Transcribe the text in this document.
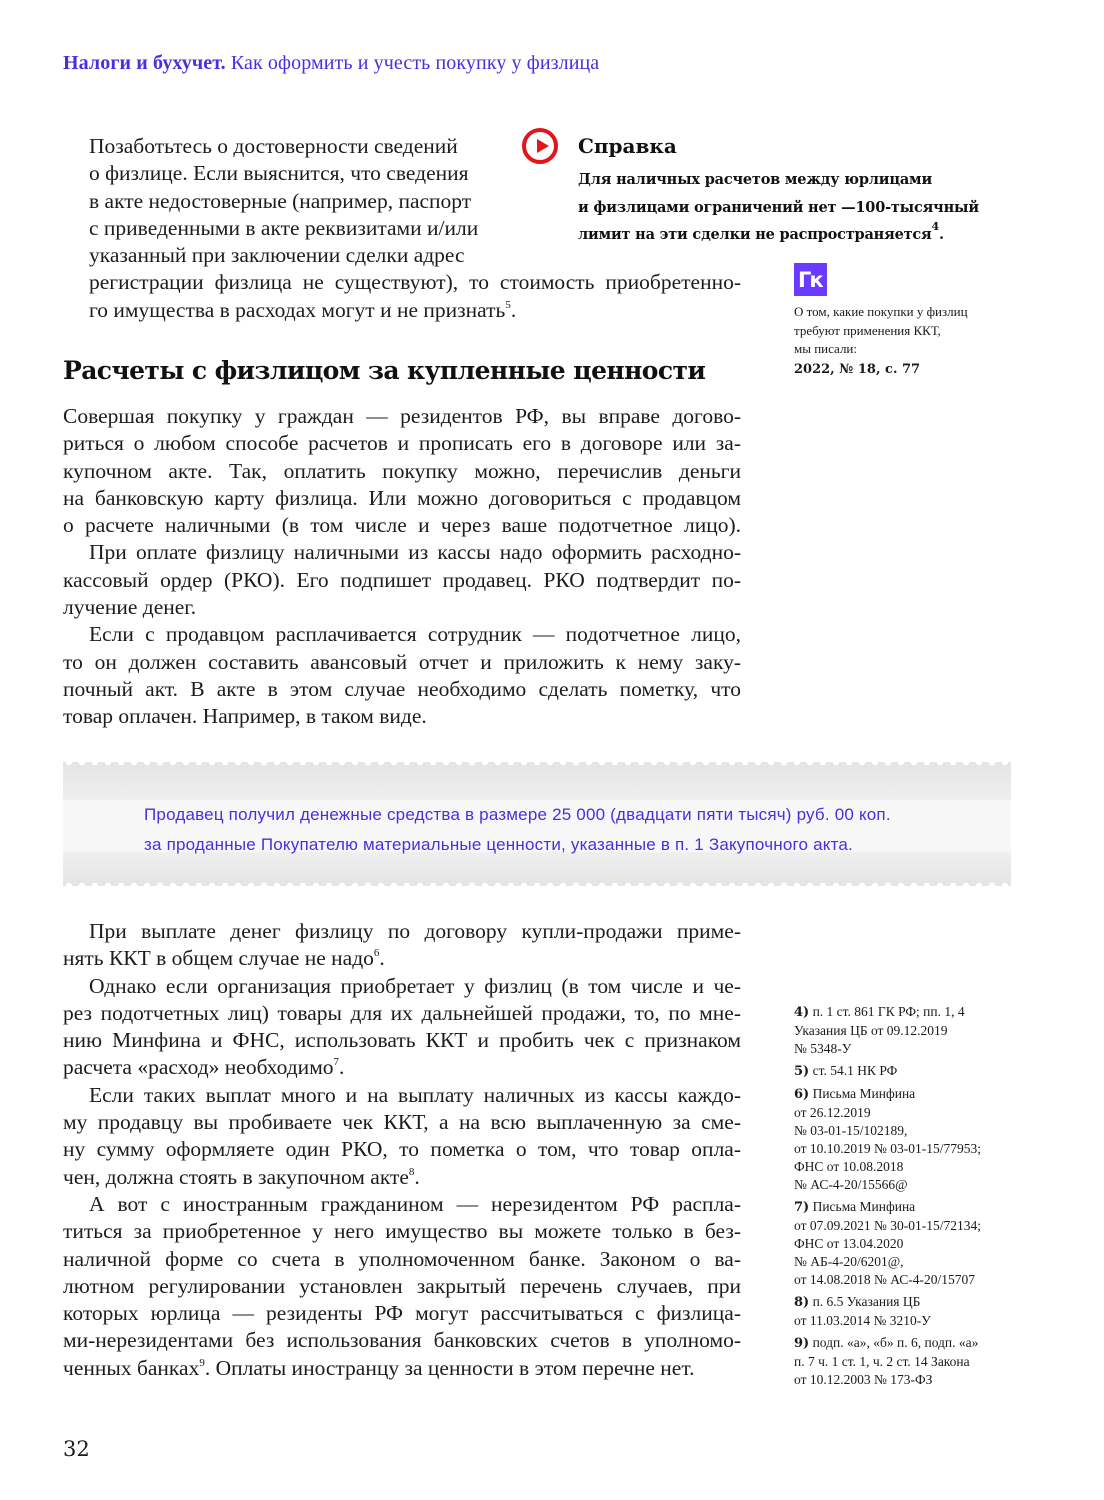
Налоги и бухучет. Как оформить и учесть покупку у физлица
Позаботьтесь о достоверности сведений
о физлице. Если выяснится, что сведения
в акте недостоверные (например, паспорт
с приведенными в акте реквизитами и/или
указанный при заключении сделки адрес
регистрации физлица не существуют), то стоимость приобретенно-
го имущества в расходах могут и не признать$^5$.
Справка
Для наличных расчетов между юрлицами
и физлицами ограничений нет —100-тысячный
лимит на эти сделки не распространяется$^4$.
Гк
О том, какие покупки у физлиц
требуют применения ККТ,
мы писали:
2022, № 18, с. 77
Расчеты с физлицом за купленные ценности
Совершая покупку у граждан — резидентов РФ, вы вправе догово-
риться о любом способе расчетов и прописать его в договоре или за-
купочном акте. Так, оплатить покупку можно, перечислив деньги
на банковскую карту физлица. Или можно договориться с продавцом
о расчете наличными (в том числе и через ваше подотчетное лицо).
При оплате физлицу наличными из кассы надо оформить расходно-
кассовый ордер (РКО). Его подпишет продавец. РКО подтвердит по-
лучение денег.
Если с продавцом расплачивается сотрудник — подотчетное лицо,
то он должен составить авансовый отчет и приложить к нему заку-
почный акт. В акте в этом случае необходимо сделать пометку, что
товар оплачен. Например, в таком виде.
Продавец получил денежные средства в размере 25 000 (двадцати пяти тысяч) руб. 00 коп.
за проданные Покупателю материальные ценности, указанные в п. 1 Закупочного акта.
При выплате денег физлицу по договору купли-продажи приме-
нять ККТ в общем случае не надо$^6$.
Однако если организация приобретает у физлиц (в том числе и че-
рез подотчетных лиц) товары для их дальнейшей продажи, то, по мне-
нию Минфина и ФНС, использовать ККТ и пробить чек с признаком
расчета «расход» необходимо$^7$.
Если таких выплат много и на выплату наличных из кассы каждо-
му продавцу вы пробиваете чек ККТ, а на всю выплаченную за сме-
ну сумму оформляете один РКО, то пометка о том, что товар опла-
чен, должна стоять в закупочном акте$^8$.
А вот с иностранным гражданином — нерезидентом РФ распла-
титься за приобретенное у него имущество вы можете только в без-
наличной форме со счета в уполномоченном банке. Законом о ва-
лютном регулировании установлен закрытый перечень случаев, при
которых юрлица — резиденты РФ могут рассчитываться с физлица-
ми-нерезидентами без использования банковских счетов в уполномо-
ченных банках$^9$. Оплаты иностранцу за ценности в этом перечне нет.
4) п. 1 ст. 861 ГК РФ; пп. 1, 4
Указания ЦБ от 09.12.2019
№ 5348-У
5) ст. 54.1 НК РФ
6) Письма Минфина
от 26.12.2019
№ 03-01-15/102189,
от 10.10.2019 № 03-01-15/77953;
ФНС от 10.08.2018
№ АС-4-20/15566@
7) Письма Минфина
от 07.09.2021 № 30-01-15/72134;
ФНС от 13.04.2020
№ АБ-4-20/6201@,
от 14.08.2018 № АС-4-20/15707
8) п. 6.5 Указания ЦБ
от 11.03.2014 № 3210-У
9) подп. «а», «б» п. 6, подп. «а»
п. 7 ч. 1 ст. 1, ч. 2 ст. 14 Закона
от 10.12.2003 № 173-ФЗ
32
